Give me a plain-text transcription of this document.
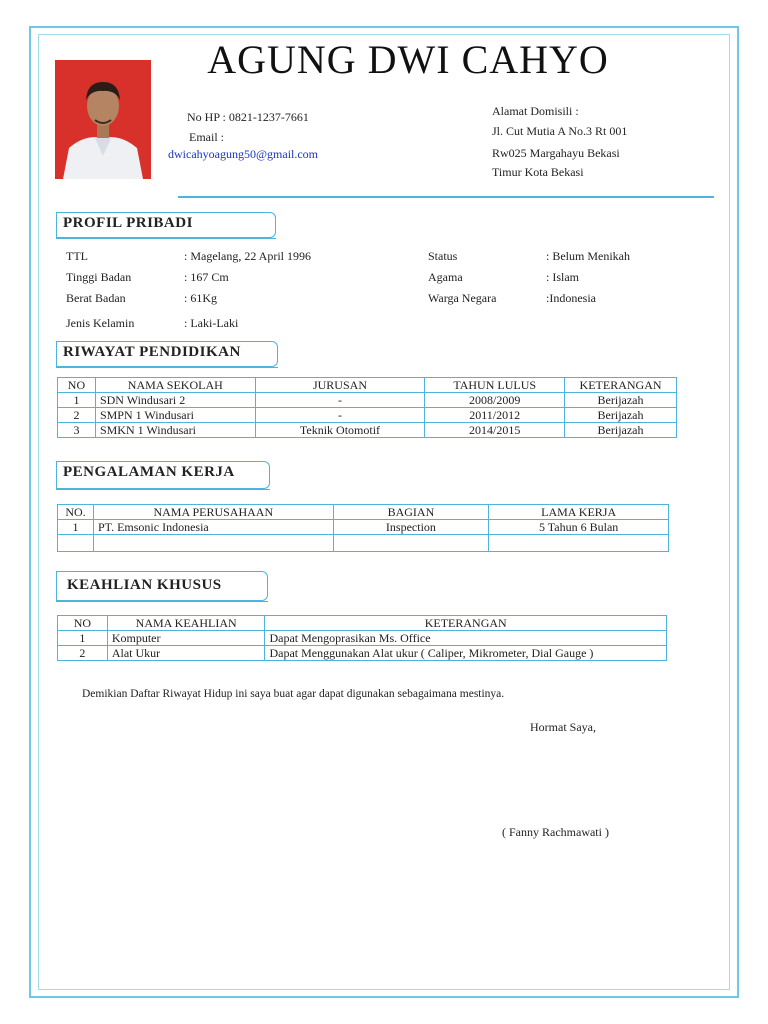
AGUNG DWI CAHYO
No HP : 0821-1237-7661
Email :
dwicahyoagung50@gmail.com
Alamat Domisili :
Jl. Cut Mutia A No.3 Rt 001
Rw025 Margahayu Bekasi
Timur Kota Bekasi
PROFIL PRIBADI
TTL	: Magelang, 22 April 1996
Tinggi Badan	: 167 Cm
Berat Badan	: 61Kg
Jenis Kelamin	: Laki-Laki
Status	: Belum Menikah
Agama	: Islam
Warga Negara	:Indonesia
RIWAYAT PENDIDIKAN
NO	NAMA SEKOLAH	JURUSAN	TAHUN LULUS	KETERANGAN
1	SDN Windusari 2	-	2008/2009	Berijazah
2	SMPN 1 Windusari	-	2011/2012	Berijazah
3	SMKN 1 Windusari	Teknik Otomotif	2014/2015	Berijazah
PENGALAMAN KERJA
NO.	NAMA PERUSAHAAN	BAGIAN	LAMA KERJA
1	PT. Emsonic Indonesia	Inspection	5 Tahun 6 Bulan

KEAHLIAN KHUSUS
NO	NAMA KEAHLIAN	KETERANGAN
1	Komputer	Dapat Mengoprasikan Ms. Office
2	Alat Ukur	Dapat Menggunakan Alat ukur ( Caliper, Mikrometer, Dial Gauge )
Demikian Daftar Riwayat Hidup ini saya buat agar dapat digunakan sebagaimana mestinya.
Hormat Saya,
( Fanny Rachmawati )
